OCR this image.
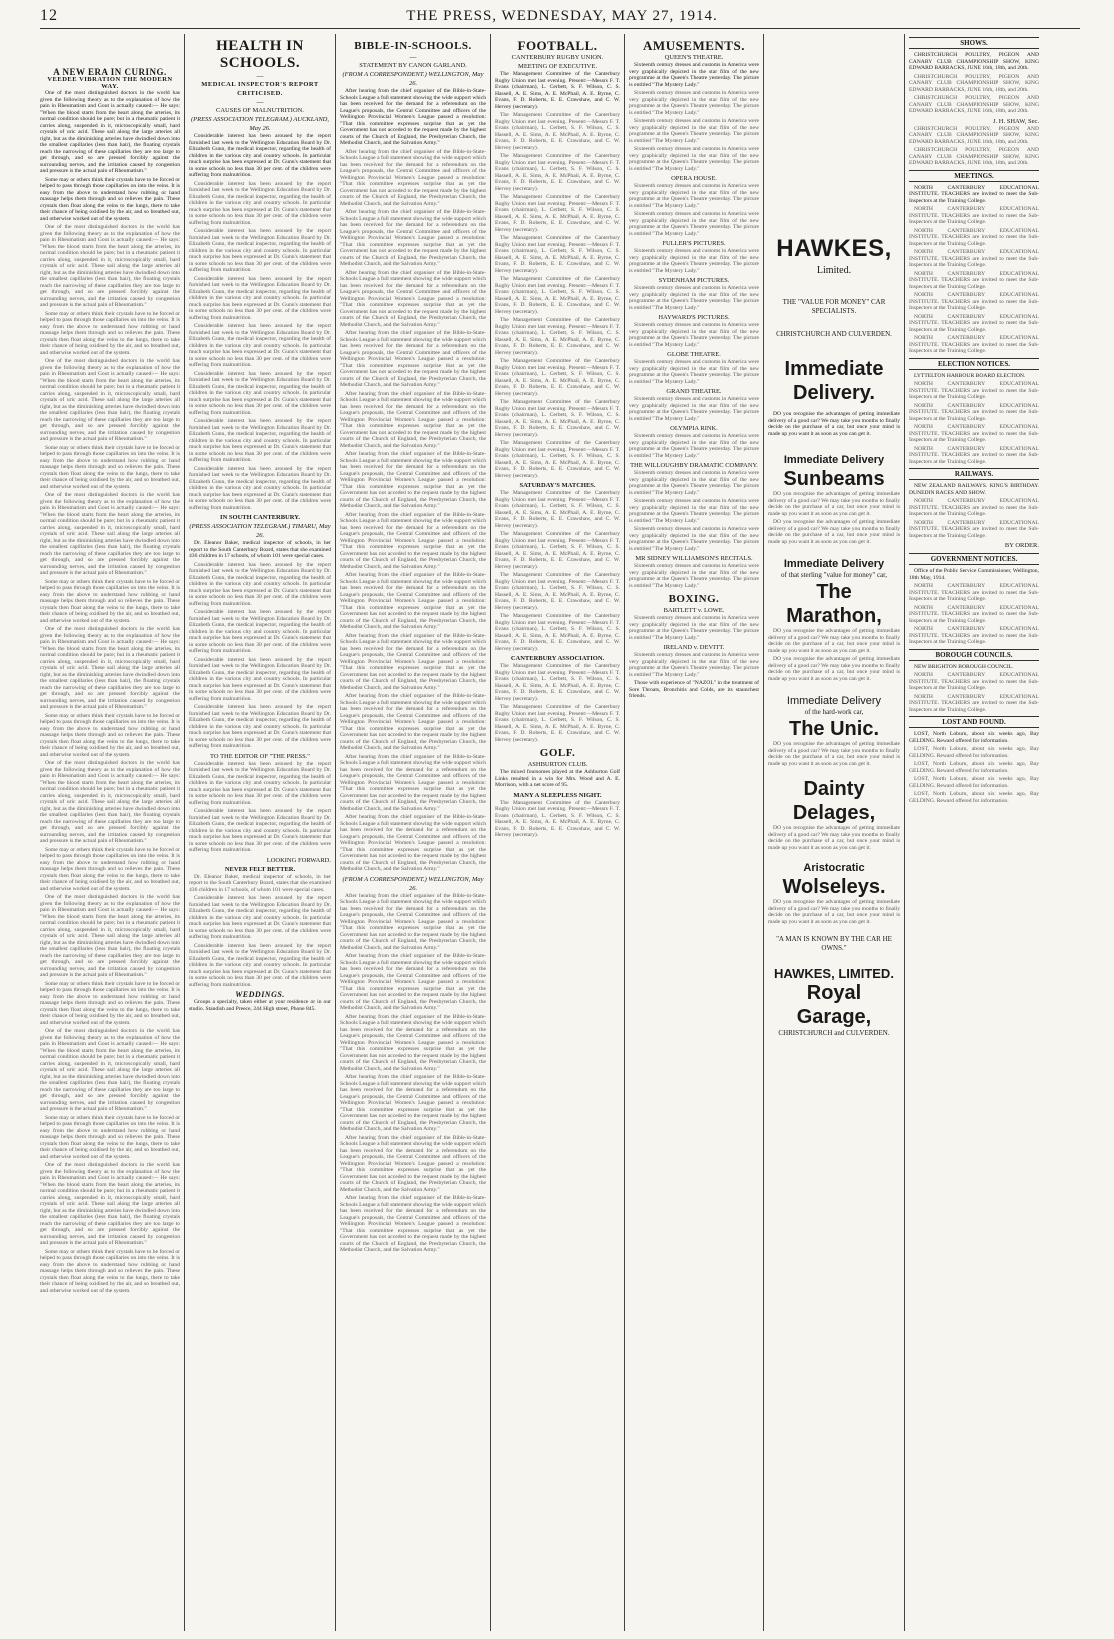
12	THE PRESS, WEDNESDAY, MAY 27, 1914.
A NEW ERA IN CURING.
VEEDEE VIBRATION THE MODERN WAY.

One of the most distinguished doctors in the world has given the following theory as to the explanation of how the pain in Rheumatism and Gout is actually caused:— He says: "When the blood starts from the heart along the arteries, its normal condition should be pure; but in a rheumatic patient it carries along, suspended in it, microscopically small, hard crystals of uric acid. These sail along the large arteries all right, but as the diminishing arteries have dwindled down into the smallest capillaries (less than hair), the floating crystals reach the narrowing of these capillaries they are too large to get through, and so are pressed forcibly against the surrounding nerves, and the irritation caused by congestion and pressure is the actual pain of Rheumatism."

Some may or others think their crystals have to be forced or helped to pass through those capillaries on into the veins. It is easy from the above to understand how rubbing or hand massage helps them through and so relieves the pain. These crystals then float along the veins to the lungs, there to take their chance of being oxidised by the air, and so breathed out, and otherwise worked out of the system.

One of the most distinguished doctors in the world has given the following theory as to the explanation of how the pain in Rheumatism and Gout is actually caused:— He says: "When the blood starts from the heart along the arteries, its normal condition should be pure; but in a rheumatic patient it carries along, suspended in it, microscopically small, hard crystals of uric acid. These sail along the large arteries all right, but as the diminishing arteries have dwindled down into the smallest capillaries (less than hair), the floating crystals reach the narrowing of these capillaries they are too large to get through, and so are pressed forcibly against the surrounding nerves, and the irritation caused by congestion and pressure is the actual pain of Rheumatism."

Some may or others think their crystals have to be forced or helped to pass through those capillaries on into the veins. It is easy from the above to understand how rubbing or hand massage helps them through and so relieves the pain. These crystals then float along the veins to the lungs, there to take their chance of being oxidised by the air, and so breathed out, and otherwise worked out of the system.

One of the most distinguished doctors in the world has given the following theory as to the explanation of how the pain in Rheumatism and Gout is actually caused:— He says: "When the blood starts from the heart along the arteries, its normal condition should be pure; but in a rheumatic patient it carries along, suspended in it, microscopically small, hard crystals of uric acid. These sail along the large arteries all right, but as the diminishing arteries have dwindled down into the smallest capillaries (less than hair), the floating crystals reach the narrowing of these capillaries they are too large to get through, and so are pressed forcibly against the surrounding nerves, and the irritation caused by congestion and pressure is the actual pain of Rheumatism."

Some may or others think their crystals have to be forced or helped to pass through those capillaries on into the veins. It is easy from the above to understand how rubbing or hand massage helps them through and so relieves the pain. These crystals then float along the veins to the lungs, there to take their chance of being oxidised by the air, and so breathed out, and otherwise worked out of the system.

One of the most distinguished doctors in the world has given the following theory as to the explanation of how the pain in Rheumatism and Gout is actually caused:— He says: "When the blood starts from the heart along the arteries, its normal condition should be pure; but in a rheumatic patient it carries along, suspended in it, microscopically small, hard crystals of uric acid. These sail along the large arteries all right, but as the diminishing arteries have dwindled down into the smallest capillaries (less than hair), the floating crystals reach the narrowing of these capillaries they are too large to get through, and so are pressed forcibly against the surrounding nerves, and the irritation caused by congestion and pressure is the actual pain of Rheumatism."

Some may or others think their crystals have to be forced or helped to pass through those capillaries on into the veins. It is easy from the above to understand how rubbing or hand massage helps them through and so relieves the pain. These crystals then float along the veins to the lungs, there to take their chance of being oxidised by the air, and so breathed out, and otherwise worked out of the system.

One of the most distinguished doctors in the world has given the following theory as to the explanation of how the pain in Rheumatism and Gout is actually caused:— He says: "When the blood starts from the heart along the arteries, its normal condition should be pure; but in a rheumatic patient it carries along, suspended in it, microscopically small, hard crystals of uric acid. These sail along the large arteries all right, but as the diminishing arteries have dwindled down into the smallest capillaries (less than hair), the floating crystals reach the narrowing of these capillaries they are too large to get through, and so are pressed forcibly against the surrounding nerves, and the irritation caused by congestion and pressure is the actual pain of Rheumatism."

Some may or others think their crystals have to be forced or helped to pass through those capillaries on into the veins. It is easy from the above to understand how rubbing or hand massage helps them through and so relieves the pain. These crystals then float along the veins to the lungs, there to take their chance of being oxidised by the air, and so breathed out, and otherwise worked out of the system.

One of the most distinguished doctors in the world has given the following theory as to the explanation of how the pain in Rheumatism and Gout is actually caused:— He says: "When the blood starts from the heart along the arteries, its normal condition should be pure; but in a rheumatic patient it carries along, suspended in it, microscopically small, hard crystals of uric acid. These sail along the large arteries all right, but as the diminishing arteries have dwindled down into the smallest capillaries (less than hair), the floating crystals reach the narrowing of these capillaries they are too large to get through, and so are pressed forcibly against the surrounding nerves, and the irritation caused by congestion and pressure is the actual pain of Rheumatism."

Some may or others think their crystals have to be forced or helped to pass through those capillaries on into the veins. It is easy from the above to understand how rubbing or hand massage helps them through and so relieves the pain. These crystals then float along the veins to the lungs, there to take their chance of being oxidised by the air, and so breathed out, and otherwise worked out of the system.

One of the most distinguished doctors in the world has given the following theory as to the explanation of how the pain in Rheumatism and Gout is actually caused:— He says: "When the blood starts from the heart along the arteries, its normal condition should be pure; but in a rheumatic patient it carries along, suspended in it, microscopically small, hard crystals of uric acid. These sail along the large arteries all right, but as the diminishing arteries have dwindled down into the smallest capillaries (less than hair), the floating crystals reach the narrowing of these capillaries they are too large to get through, and so are pressed forcibly against the surrounding nerves, and the irritation caused by congestion and pressure is the actual pain of Rheumatism."

Some may or others think their crystals have to be forced or helped to pass through those capillaries on into the veins. It is easy from the above to understand how rubbing or hand massage helps them through and so relieves the pain. These crystals then float along the veins to the lungs, there to take their chance of being oxidised by the air, and so breathed out, and otherwise worked out of the system.

One of the most distinguished doctors in the world has given the following theory as to the explanation of how the pain in Rheumatism and Gout is actually caused:— He says: "When the blood starts from the heart along the arteries, its normal condition should be pure; but in a rheumatic patient it carries along, suspended in it, microscopically small, hard crystals of uric acid. These sail along the large arteries all right, but as the diminishing arteries have dwindled down into the smallest capillaries (less than hair), the floating crystals reach the narrowing of these capillaries they are too large to get through, and so are pressed forcibly against the surrounding nerves, and the irritation caused by congestion and pressure is the actual pain of Rheumatism."

Some may or others think their crystals have to be forced or helped to pass through those capillaries on into the veins. It is easy from the above to understand how rubbing or hand massage helps them through and so relieves the pain. These crystals then float along the veins to the lungs, there to take their chance of being oxidised by the air, and so breathed out, and otherwise worked out of the system.

One of the most distinguished doctors in the world has given the following theory as to the explanation of how the pain in Rheumatism and Gout is actually caused:— He says: "When the blood starts from the heart along the arteries, its normal condition should be pure; but in a rheumatic patient it carries along, suspended in it, microscopically small, hard crystals of uric acid. These sail along the large arteries all right, but as the diminishing arteries have dwindled down into the smallest capillaries (less than hair), the floating crystals reach the narrowing of these capillaries they are too large to get through, and so are pressed forcibly against the surrounding nerves, and the irritation caused by congestion and pressure is the actual pain of Rheumatism."

Some may or others think their crystals have to be forced or helped to pass through those capillaries on into the veins. It is easy from the above to understand how rubbing or hand massage helps them through and so relieves the pain. These crystals then float along the veins to the lungs, there to take their chance of being oxidised by the air, and so breathed out, and otherwise worked out of the system.

HEALTH IN SCHOOLS.
—
MEDICAL INSPECTOR'S REPORT CRITICISED.
—
CAUSES OF MALNUTRITION.
(PRESS ASSOCIATION TELEGRAM.) AUCKLAND, May 26.

Considerable interest has been aroused by the report furnished last week to the Wellington Education Board by Dr. Elizabeth Gunn, the medical inspector, regarding the health of children in the various city and country schools. In particular much surprise has been expressed at Dr. Gunn's statement that in some schools no less than 30 per cent. of the children were suffering from malnutrition.

Considerable interest has been aroused by the report furnished last week to the Wellington Education Board by Dr. Elizabeth Gunn, the medical inspector, regarding the health of children in the various city and country schools. In particular much surprise has been expressed at Dr. Gunn's statement that in some schools no less than 30 per cent. of the children were suffering from malnutrition.

Considerable interest has been aroused by the report furnished last week to the Wellington Education Board by Dr. Elizabeth Gunn, the medical inspector, regarding the health of children in the various city and country schools. In particular much surprise has been expressed at Dr. Gunn's statement that in some schools no less than 30 per cent. of the children were suffering from malnutrition.

Considerable interest has been aroused by the report furnished last week to the Wellington Education Board by Dr. Elizabeth Gunn, the medical inspector, regarding the health of children in the various city and country schools. In particular much surprise has been expressed at Dr. Gunn's statement that in some schools no less than 30 per cent. of the children were suffering from malnutrition.

Considerable interest has been aroused by the report furnished last week to the Wellington Education Board by Dr. Elizabeth Gunn, the medical inspector, regarding the health of children in the various city and country schools. In particular much surprise has been expressed at Dr. Gunn's statement that in some schools no less than 30 per cent. of the children were suffering from malnutrition.

Considerable interest has been aroused by the report furnished last week to the Wellington Education Board by Dr. Elizabeth Gunn, the medical inspector, regarding the health of children in the various city and country schools. In particular much surprise has been expressed at Dr. Gunn's statement that in some schools no less than 30 per cent. of the children were suffering from malnutrition.

Considerable interest has been aroused by the report furnished last week to the Wellington Education Board by Dr. Elizabeth Gunn, the medical inspector, regarding the health of children in the various city and country schools. In particular much surprise has been expressed at Dr. Gunn's statement that in some schools no less than 30 per cent. of the children were suffering from malnutrition.

Considerable interest has been aroused by the report furnished last week to the Wellington Education Board by Dr. Elizabeth Gunn, the medical inspector, regarding the health of children in the various city and country schools. In particular much surprise has been expressed at Dr. Gunn's statement that in some schools no less than 30 per cent. of the children were suffering from malnutrition.

IN SOUTH CANTERBURY.
(PRESS ASSOCIATION TELEGRAM.) TIMARU, May 26.

Dr. Eleanor Baker, medical inspector of schools, in her report to the South Canterbury Board, states that she examined 436 children in 17 schools, of whom 101 were special cases.

Considerable interest has been aroused by the report furnished last week to the Wellington Education Board by Dr. Elizabeth Gunn, the medical inspector, regarding the health of children in the various city and country schools. In particular much surprise has been expressed at Dr. Gunn's statement that in some schools no less than 30 per cent. of the children were suffering from malnutrition.

Considerable interest has been aroused by the report furnished last week to the Wellington Education Board by Dr. Elizabeth Gunn, the medical inspector, regarding the health of children in the various city and country schools. In particular much surprise has been expressed at Dr. Gunn's statement that in some schools no less than 30 per cent. of the children were suffering from malnutrition.

Considerable interest has been aroused by the report furnished last week to the Wellington Education Board by Dr. Elizabeth Gunn, the medical inspector, regarding the health of children in the various city and country schools. In particular much surprise has been expressed at Dr. Gunn's statement that in some schools no less than 30 per cent. of the children were suffering from malnutrition.

Considerable interest has been aroused by the report furnished last week to the Wellington Education Board by Dr. Elizabeth Gunn, the medical inspector, regarding the health of children in the various city and country schools. In particular much surprise has been expressed at Dr. Gunn's statement that in some schools no less than 30 per cent. of the children were suffering from malnutrition.

TO THE EDITOR OF "THE PRESS."

Considerable interest has been aroused by the report furnished last week to the Wellington Education Board by Dr. Elizabeth Gunn, the medical inspector, regarding the health of children in the various city and country schools. In particular much surprise has been expressed at Dr. Gunn's statement that in some schools no less than 30 per cent. of the children were suffering from malnutrition.

Considerable interest has been aroused by the report furnished last week to the Wellington Education Board by Dr. Elizabeth Gunn, the medical inspector, regarding the health of children in the various city and country schools. In particular much surprise has been expressed at Dr. Gunn's statement that in some schools no less than 30 per cent. of the children were suffering from malnutrition.

LOOKING FORWARD.
NEVER FELT BETTER.

Dr. Eleanor Baker, medical inspector of schools, in her report to the South Canterbury Board, states that she examined 436 children in 17 schools, of whom 101 were special cases.

Considerable interest has been aroused by the report furnished last week to the Wellington Education Board by Dr. Elizabeth Gunn, the medical inspector, regarding the health of children in the various city and country schools. In particular much surprise has been expressed at Dr. Gunn's statement that in some schools no less than 30 per cent. of the children were suffering from malnutrition.

Considerable interest has been aroused by the report furnished last week to the Wellington Education Board by Dr. Elizabeth Gunn, the medical inspector, regarding the health of children in the various city and country schools. In particular much surprise has been expressed at Dr. Gunn's statement that in some schools no less than 30 per cent. of the children were suffering from malnutrition.

WEDDINGS.

Groups a specialty, taken either at your residence or in our studio. Standish and Preece, 244 High street, Phone 845.

BIBLE-IN-SCHOOLS.
—
STATEMENT BY CANON GARLAND.
(FROM A CORRESPONDENT.) WELLINGTON, May 26.

After hearing from the chief organiser of the Bible-in-State-Schools League a full statement showing the wide support which has been received for the demand for a referendum on the League's proposals, the Central Committee and officers of the Wellington Provincial Women's League passed a resolution: "That this committee expresses surprise that as yet the Government has not acceded to the request made by the highest courts of the Church of England, the Presbyterian Church, the Methodist Church, and the Salvation Army."

After hearing from the chief organiser of the Bible-in-State-Schools League a full statement showing the wide support which has been received for the demand for a referendum on the League's proposals, the Central Committee and officers of the Wellington Provincial Women's League passed a resolution: "That this committee expresses surprise that as yet the Government has not acceded to the request made by the highest courts of the Church of England, the Presbyterian Church, the Methodist Church, and the Salvation Army."

After hearing from the chief organiser of the Bible-in-State-Schools League a full statement showing the wide support which has been received for the demand for a referendum on the League's proposals, the Central Committee and officers of the Wellington Provincial Women's League passed a resolution: "That this committee expresses surprise that as yet the Government has not acceded to the request made by the highest courts of the Church of England, the Presbyterian Church, the Methodist Church, and the Salvation Army."

After hearing from the chief organiser of the Bible-in-State-Schools League a full statement showing the wide support which has been received for the demand for a referendum on the League's proposals, the Central Committee and officers of the Wellington Provincial Women's League passed a resolution: "That this committee expresses surprise that as yet the Government has not acceded to the request made by the highest courts of the Church of England, the Presbyterian Church, the Methodist Church, and the Salvation Army."

After hearing from the chief organiser of the Bible-in-State-Schools League a full statement showing the wide support which has been received for the demand for a referendum on the League's proposals, the Central Committee and officers of the Wellington Provincial Women's League passed a resolution: "That this committee expresses surprise that as yet the Government has not acceded to the request made by the highest courts of the Church of England, the Presbyterian Church, the Methodist Church, and the Salvation Army."

After hearing from the chief organiser of the Bible-in-State-Schools League a full statement showing the wide support which has been received for the demand for a referendum on the League's proposals, the Central Committee and officers of the Wellington Provincial Women's League passed a resolution: "That this committee expresses surprise that as yet the Government has not acceded to the request made by the highest courts of the Church of England, the Presbyterian Church, the Methodist Church, and the Salvation Army."

After hearing from the chief organiser of the Bible-in-State-Schools League a full statement showing the wide support which has been received for the demand for a referendum on the League's proposals, the Central Committee and officers of the Wellington Provincial Women's League passed a resolution: "That this committee expresses surprise that as yet the Government has not acceded to the request made by the highest courts of the Church of England, the Presbyterian Church, the Methodist Church, and the Salvation Army."

After hearing from the chief organiser of the Bible-in-State-Schools League a full statement showing the wide support which has been received for the demand for a referendum on the League's proposals, the Central Committee and officers of the Wellington Provincial Women's League passed a resolution: "That this committee expresses surprise that as yet the Government has not acceded to the request made by the highest courts of the Church of England, the Presbyterian Church, the Methodist Church, and the Salvation Army."

After hearing from the chief organiser of the Bible-in-State-Schools League a full statement showing the wide support which has been received for the demand for a referendum on the League's proposals, the Central Committee and officers of the Wellington Provincial Women's League passed a resolution: "That this committee expresses surprise that as yet the Government has not acceded to the request made by the highest courts of the Church of England, the Presbyterian Church, the Methodist Church, and the Salvation Army."

After hearing from the chief organiser of the Bible-in-State-Schools League a full statement showing the wide support which has been received for the demand for a referendum on the League's proposals, the Central Committee and officers of the Wellington Provincial Women's League passed a resolution: "That this committee expresses surprise that as yet the Government has not acceded to the request made by the highest courts of the Church of England, the Presbyterian Church, the Methodist Church, and the Salvation Army."

After hearing from the chief organiser of the Bible-in-State-Schools League a full statement showing the wide support which has been received for the demand for a referendum on the League's proposals, the Central Committee and officers of the Wellington Provincial Women's League passed a resolution: "That this committee expresses surprise that as yet the Government has not acceded to the request made by the highest courts of the Church of England, the Presbyterian Church, the Methodist Church, and the Salvation Army."

After hearing from the chief organiser of the Bible-in-State-Schools League a full statement showing the wide support which has been received for the demand for a referendum on the League's proposals, the Central Committee and officers of the Wellington Provincial Women's League passed a resolution: "That this committee expresses surprise that as yet the Government has not acceded to the request made by the highest courts of the Church of England, the Presbyterian Church, the Methodist Church, and the Salvation Army."

After hearing from the chief organiser of the Bible-in-State-Schools League a full statement showing the wide support which has been received for the demand for a referendum on the League's proposals, the Central Committee and officers of the Wellington Provincial Women's League passed a resolution: "That this committee expresses surprise that as yet the Government has not acceded to the request made by the highest courts of the Church of England, the Presbyterian Church, the Methodist Church, and the Salvation Army."

(FROM A CORRESPONDENT.) WELLINGTON, May 26.

After hearing from the chief organiser of the Bible-in-State-Schools League a full statement showing the wide support which has been received for the demand for a referendum on the League's proposals, the Central Committee and officers of the Wellington Provincial Women's League passed a resolution: "That this committee expresses surprise that as yet the Government has not acceded to the request made by the highest courts of the Church of England, the Presbyterian Church, the Methodist Church, and the Salvation Army."

After hearing from the chief organiser of the Bible-in-State-Schools League a full statement showing the wide support which has been received for the demand for a referendum on the League's proposals, the Central Committee and officers of the Wellington Provincial Women's League passed a resolution: "That this committee expresses surprise that as yet the Government has not acceded to the request made by the highest courts of the Church of England, the Presbyterian Church, the Methodist Church, and the Salvation Army."

After hearing from the chief organiser of the Bible-in-State-Schools League a full statement showing the wide support which has been received for the demand for a referendum on the League's proposals, the Central Committee and officers of the Wellington Provincial Women's League passed a resolution: "That this committee expresses surprise that as yet the Government has not acceded to the request made by the highest courts of the Church of England, the Presbyterian Church, the Methodist Church, and the Salvation Army."

After hearing from the chief organiser of the Bible-in-State-Schools League a full statement showing the wide support which has been received for the demand for a referendum on the League's proposals, the Central Committee and officers of the Wellington Provincial Women's League passed a resolution: "That this committee expresses surprise that as yet the Government has not acceded to the request made by the highest courts of the Church of England, the Presbyterian Church, the Methodist Church, and the Salvation Army."

After hearing from the chief organiser of the Bible-in-State-Schools League a full statement showing the wide support which has been received for the demand for a referendum on the League's proposals, the Central Committee and officers of the Wellington Provincial Women's League passed a resolution: "That this committee expresses surprise that as yet the Government has not acceded to the request made by the highest courts of the Church of England, the Presbyterian Church, the Methodist Church, and the Salvation Army."

After hearing from the chief organiser of the Bible-in-State-Schools League a full statement showing the wide support which has been received for the demand for a referendum on the League's proposals, the Central Committee and officers of the Wellington Provincial Women's League passed a resolution: "That this committee expresses surprise that as yet the Government has not acceded to the request made by the highest courts of the Church of England, the Presbyterian Church, the Methodist Church, and the Salvation Army."

FOOTBALL.
CANTERBURY RUGBY UNION.
MEETING OF EXECUTIVE.

The Management Committee of the Canterbury Rugby Union met last evening. Present:—Messrs F. T. Evans (chairman), L. Cerbett, S. F. Wilson, C. S. Hassell, A. E. Sims, A. E. McPhail, A. E. Byrne, C. Evans, F. D. Roberts, E. E. Crawshaw, and C. W. Hervey (secretary).

The Management Committee of the Canterbury Rugby Union met last evening. Present:—Messrs F. T. Evans (chairman), L. Cerbett, S. F. Wilson, C. S. Hassell, A. E. Sims, A. E. McPhail, A. E. Byrne, C. Evans, F. D. Roberts, E. E. Crawshaw, and C. W. Hervey (secretary).

The Management Committee of the Canterbury Rugby Union met last evening. Present:—Messrs F. T. Evans (chairman), L. Cerbett, S. F. Wilson, C. S. Hassell, A. E. Sims, A. E. McPhail, A. E. Byrne, C. Evans, F. D. Roberts, E. E. Crawshaw, and C. W. Hervey (secretary).

The Management Committee of the Canterbury Rugby Union met last evening. Present:—Messrs F. T. Evans (chairman), L. Cerbett, S. F. Wilson, C. S. Hassell, A. E. Sims, A. E. McPhail, A. E. Byrne, C. Evans, F. D. Roberts, E. E. Crawshaw, and C. W. Hervey (secretary).

The Management Committee of the Canterbury Rugby Union met last evening. Present:—Messrs F. T. Evans (chairman), L. Cerbett, S. F. Wilson, C. S. Hassell, A. E. Sims, A. E. McPhail, A. E. Byrne, C. Evans, F. D. Roberts, E. E. Crawshaw, and C. W. Hervey (secretary).

The Management Committee of the Canterbury Rugby Union met last evening. Present:—Messrs F. T. Evans (chairman), L. Cerbett, S. F. Wilson, C. S. Hassell, A. E. Sims, A. E. McPhail, A. E. Byrne, C. Evans, F. D. Roberts, E. E. Crawshaw, and C. W. Hervey (secretary).

The Management Committee of the Canterbury Rugby Union met last evening. Present:—Messrs F. T. Evans (chairman), L. Cerbett, S. F. Wilson, C. S. Hassell, A. E. Sims, A. E. McPhail, A. E. Byrne, C. Evans, F. D. Roberts, E. E. Crawshaw, and C. W. Hervey (secretary).

The Management Committee of the Canterbury Rugby Union met last evening. Present:—Messrs F. T. Evans (chairman), L. Cerbett, S. F. Wilson, C. S. Hassell, A. E. Sims, A. E. McPhail, A. E. Byrne, C. Evans, F. D. Roberts, E. E. Crawshaw, and C. W. Hervey (secretary).

The Management Committee of the Canterbury Rugby Union met last evening. Present:—Messrs F. T. Evans (chairman), L. Cerbett, S. F. Wilson, C. S. Hassell, A. E. Sims, A. E. McPhail, A. E. Byrne, C. Evans, F. D. Roberts, E. E. Crawshaw, and C. W. Hervey (secretary).

The Management Committee of the Canterbury Rugby Union met last evening. Present:—Messrs F. T. Evans (chairman), L. Cerbett, S. F. Wilson, C. S. Hassell, A. E. Sims, A. E. McPhail, A. E. Byrne, C. Evans, F. D. Roberts, E. E. Crawshaw, and C. W. Hervey (secretary).

SATURDAY'S MATCHES.

The Management Committee of the Canterbury Rugby Union met last evening. Present:—Messrs F. T. Evans (chairman), L. Cerbett, S. F. Wilson, C. S. Hassell, A. E. Sims, A. E. McPhail, A. E. Byrne, C. Evans, F. D. Roberts, E. E. Crawshaw, and C. W. Hervey (secretary).

The Management Committee of the Canterbury Rugby Union met last evening. Present:—Messrs F. T. Evans (chairman), L. Cerbett, S. F. Wilson, C. S. Hassell, A. E. Sims, A. E. McPhail, A. E. Byrne, C. Evans, F. D. Roberts, E. E. Crawshaw, and C. W. Hervey (secretary).

The Management Committee of the Canterbury Rugby Union met last evening. Present:—Messrs F. T. Evans (chairman), L. Cerbett, S. F. Wilson, C. S. Hassell, A. E. Sims, A. E. McPhail, A. E. Byrne, C. Evans, F. D. Roberts, E. E. Crawshaw, and C. W. Hervey (secretary).

The Management Committee of the Canterbury Rugby Union met last evening. Present:—Messrs F. T. Evans (chairman), L. Cerbett, S. F. Wilson, C. S. Hassell, A. E. Sims, A. E. McPhail, A. E. Byrne, C. Evans, F. D. Roberts, E. E. Crawshaw, and C. W. Hervey (secretary).

CANTERBURY ASSOCIATION.

The Management Committee of the Canterbury Rugby Union met last evening. Present:—Messrs F. T. Evans (chairman), L. Cerbett, S. F. Wilson, C. S. Hassell, A. E. Sims, A. E. McPhail, A. E. Byrne, C. Evans, F. D. Roberts, E. E. Crawshaw, and C. W. Hervey (secretary).

The Management Committee of the Canterbury Rugby Union met last evening. Present:—Messrs F. T. Evans (chairman), L. Cerbett, S. F. Wilson, C. S. Hassell, A. E. Sims, A. E. McPhail, A. E. Byrne, C. Evans, F. D. Roberts, E. E. Crawshaw, and C. W. Hervey (secretary).

GOLF.
ASHBURTON CLUB.

The mixed foursomes played at the Ashburton Golf Links resulted in a win for Mrs. Wood and A. E. Morrison, with a net score of 95.

MANY A SLEEPLESS NIGHT.

The Management Committee of the Canterbury Rugby Union met last evening. Present:—Messrs F. T. Evans (chairman), L. Cerbett, S. F. Wilson, C. S. Hassell, A. E. Sims, A. E. McPhail, A. E. Byrne, C. Evans, F. D. Roberts, E. E. Crawshaw, and C. W. Hervey (secretary).

AMUSEMENTS.
QUEEN'S THEATRE.

Sixteenth century dresses and customs in America were very graphically depicted in the star film of the new programme at the Queen's Theatre yesterday. The picture is entitled "The Mystery Lady."

Sixteenth century dresses and customs in America were very graphically depicted in the star film of the new programme at the Queen's Theatre yesterday. The picture is entitled "The Mystery Lady."

Sixteenth century dresses and customs in America were very graphically depicted in the star film of the new programme at the Queen's Theatre yesterday. The picture is entitled "The Mystery Lady."

Sixteenth century dresses and customs in America were very graphically depicted in the star film of the new programme at the Queen's Theatre yesterday. The picture is entitled "The Mystery Lady."

OPERA HOUSE.

Sixteenth century dresses and customs in America were very graphically depicted in the star film of the new programme at the Queen's Theatre yesterday. The picture is entitled "The Mystery Lady."

Sixteenth century dresses and customs in America were very graphically depicted in the star film of the new programme at the Queen's Theatre yesterday. The picture is entitled "The Mystery Lady."

FULLER'S PICTURES.

Sixteenth century dresses and customs in America were very graphically depicted in the star film of the new programme at the Queen's Theatre yesterday. The picture is entitled "The Mystery Lady."

SYDENHAM PICTURES.

Sixteenth century dresses and customs in America were very graphically depicted in the star film of the new programme at the Queen's Theatre yesterday. The picture is entitled "The Mystery Lady."

HAYWARD'S PICTURES.

Sixteenth century dresses and customs in America were very graphically depicted in the star film of the new programme at the Queen's Theatre yesterday. The picture is entitled "The Mystery Lady."

GLOBE THEATRE.

Sixteenth century dresses and customs in America were very graphically depicted in the star film of the new programme at the Queen's Theatre yesterday. The picture is entitled "The Mystery Lady."

GRAND THEATRE.

Sixteenth century dresses and customs in America were very graphically depicted in the star film of the new programme at the Queen's Theatre yesterday. The picture is entitled "The Mystery Lady."

OLYMPIA RINK.

Sixteenth century dresses and customs in America were very graphically depicted in the star film of the new programme at the Queen's Theatre yesterday. The picture is entitled "The Mystery Lady."

THE WILLOUGHBY DRAMATIC COMPANY.

Sixteenth century dresses and customs in America were very graphically depicted in the star film of the new programme at the Queen's Theatre yesterday. The picture is entitled "The Mystery Lady."

Sixteenth century dresses and customs in America were very graphically depicted in the star film of the new programme at the Queen's Theatre yesterday. The picture is entitled "The Mystery Lady."

Sixteenth century dresses and customs in America were very graphically depicted in the star film of the new programme at the Queen's Theatre yesterday. The picture is entitled "The Mystery Lady."

MR SIDNEY WILLIAMSON'S RECITALS.

Sixteenth century dresses and customs in America were very graphically depicted in the star film of the new programme at the Queen's Theatre yesterday. The picture is entitled "The Mystery Lady."

BOXING.
BARTLETT v. LOWE.

Sixteenth century dresses and customs in America were very graphically depicted in the star film of the new programme at the Queen's Theatre yesterday. The picture is entitled "The Mystery Lady."

IRELAND v. DEVITT.

Sixteenth century dresses and customs in America were very graphically depicted in the star film of the new programme at the Queen's Theatre yesterday. The picture is entitled "The Mystery Lady."

Those with experience of "NAZOL" in the treatment of Sore Throats, Bronchitis and Colds, are its staunchest friends.

HAWKES,
Limited.
THE "VALUE FOR MONEY" CAR SPECIALISTS.
CHRISTCHURCH AND CULVERDEN.
Immediate Delivery.

DO you recognise the advantages of getting immediate delivery of a good car? We may take you months to finally decide on the purchase of a car, but once your mind is made up you want it as soon as you can get it.

Immediate Delivery
Sunbeams

DO you recognise the advantages of getting immediate delivery of a good car? We may take you months to finally decide on the purchase of a car, but once your mind is made up you want it as soon as you can get it.

DO you recognise the advantages of getting immediate delivery of a good car? We may take you months to finally decide on the purchase of a car, but once your mind is made up you want it as soon as you can get it.

Immediate Delivery
of that sterling "value for money" car,
The Marathon,

DO you recognise the advantages of getting immediate delivery of a good car? We may take you months to finally decide on the purchase of a car, but once your mind is made up you want it as soon as you can get it.

DO you recognise the advantages of getting immediate delivery of a good car? We may take you months to finally decide on the purchase of a car, but once your mind is made up you want it as soon as you can get it.

Immediate Delivery
of the hard-work car,
The Unic.

DO you recognise the advantages of getting immediate delivery of a good car? We may take you months to finally decide on the purchase of a car, but once your mind is made up you want it as soon as you can get it.

Dainty Delages,

DO you recognise the advantages of getting immediate delivery of a good car? We may take you months to finally decide on the purchase of a car, but once your mind is made up you want it as soon as you can get it.

Aristocratic
Wolseleys.

DO you recognise the advantages of getting immediate delivery of a good car? We may take you months to finally decide on the purchase of a car, but once your mind is made up you want it as soon as you can get it.

"A MAN IS KNOWN BY THE CAR HE OWNS."
HAWKES, LIMITED.
Royal Garage,
CHRISTCHURCH and CULVERDEN.
SHOWS.

CHRISTCHURCH POULTRY, PIGEON AND CANARY CLUB CHAMPIONSHIP SHOW, KING EDWARD BARRACKS, JUNE 16th, 18th, and 20th.

CHRISTCHURCH POULTRY, PIGEON AND CANARY CLUB CHAMPIONSHIP SHOW, KING EDWARD BARRACKS, JUNE 16th, 18th, and 20th.

CHRISTCHURCH POULTRY, PIGEON AND CANARY CLUB CHAMPIONSHIP SHOW, KING EDWARD BARRACKS, JUNE 16th, 18th, and 20th.

J. H. SHAW, Sec.

CHRISTCHURCH POULTRY, PIGEON AND CANARY CLUB CHAMPIONSHIP SHOW, KING EDWARD BARRACKS, JUNE 16th, 18th, and 20th.

CHRISTCHURCH POULTRY, PIGEON AND CANARY CLUB CHAMPIONSHIP SHOW, KING EDWARD BARRACKS, JUNE 16th, 18th, and 20th.

MEETINGS.

NORTH CANTERBURY EDUCATIONAL INSTITUTE. TEACHERS are invited to meet the Sub-Inspectors at the Training College.

NORTH CANTERBURY EDUCATIONAL INSTITUTE. TEACHERS are invited to meet the Sub-Inspectors at the Training College.

NORTH CANTERBURY EDUCATIONAL INSTITUTE. TEACHERS are invited to meet the Sub-Inspectors at the Training College.

NORTH CANTERBURY EDUCATIONAL INSTITUTE. TEACHERS are invited to meet the Sub-Inspectors at the Training College.

NORTH CANTERBURY EDUCATIONAL INSTITUTE. TEACHERS are invited to meet the Sub-Inspectors at the Training College.

NORTH CANTERBURY EDUCATIONAL INSTITUTE. TEACHERS are invited to meet the Sub-Inspectors at the Training College.

NORTH CANTERBURY EDUCATIONAL INSTITUTE. TEACHERS are invited to meet the Sub-Inspectors at the Training College.

NORTH CANTERBURY EDUCATIONAL INSTITUTE. TEACHERS are invited to meet the Sub-Inspectors at the Training College.

ELECTION NOTICES.

LYTTELTON HARBOUR BOARD ELECTION.

NORTH CANTERBURY EDUCATIONAL INSTITUTE. TEACHERS are invited to meet the Sub-Inspectors at the Training College.

NORTH CANTERBURY EDUCATIONAL INSTITUTE. TEACHERS are invited to meet the Sub-Inspectors at the Training College.

NORTH CANTERBURY EDUCATIONAL INSTITUTE. TEACHERS are invited to meet the Sub-Inspectors at the Training College.

NORTH CANTERBURY EDUCATIONAL INSTITUTE. TEACHERS are invited to meet the Sub-Inspectors at the Training College.

RAILWAYS.

NEW ZEALAND RAILWAYS. KING'S BIRTHDAY. DUNEDIN RACES AND SHOW.

NORTH CANTERBURY EDUCATIONAL INSTITUTE. TEACHERS are invited to meet the Sub-Inspectors at the Training College.

NORTH CANTERBURY EDUCATIONAL INSTITUTE. TEACHERS are invited to meet the Sub-Inspectors at the Training College.

BY ORDER.
GOVERNMENT NOTICES.

Office of the Public Service Commissioner, Wellington, 18th May, 1914.

NORTH CANTERBURY EDUCATIONAL INSTITUTE. TEACHERS are invited to meet the Sub-Inspectors at the Training College.

NORTH CANTERBURY EDUCATIONAL INSTITUTE. TEACHERS are invited to meet the Sub-Inspectors at the Training College.

NORTH CANTERBURY EDUCATIONAL INSTITUTE. TEACHERS are invited to meet the Sub-Inspectors at the Training College.

BOROUGH COUNCILS.

NEW BRIGHTON BOROUGH COUNCIL.

NORTH CANTERBURY EDUCATIONAL INSTITUTE. TEACHERS are invited to meet the Sub-Inspectors at the Training College.

NORTH CANTERBURY EDUCATIONAL INSTITUTE. TEACHERS are invited to meet the Sub-Inspectors at the Training College.

LOST AND FOUND.

LOST, North Loburn, about six weeks ago, Bay GELDING. Reward offered for information.

LOST, North Loburn, about six weeks ago, Bay GELDING. Reward offered for information.

LOST, North Loburn, about six weeks ago, Bay GELDING. Reward offered for information.

LOST, North Loburn, about six weeks ago, Bay GELDING. Reward offered for information.

LOST, North Loburn, about six weeks ago, Bay GELDING. Reward offered for information.
